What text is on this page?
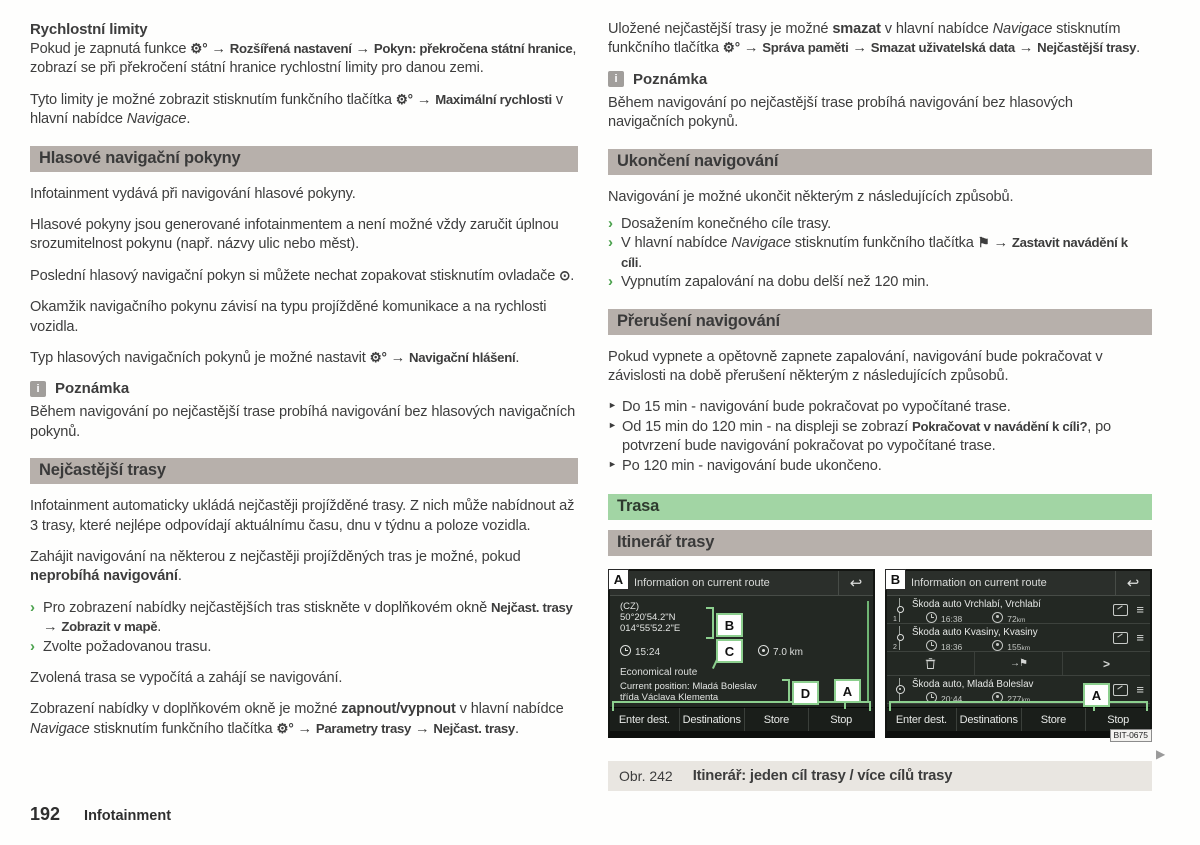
Rychlostní limity

Pokud je zapnutá funkce ⚙° → Rozšířená nastavení → Pokyn: překročena státní hranice, zobrazí se při překročení státní hranice rychlostní limity pro danou zemi.

Tyto limity je možné zobrazit stisknutím funkčního tlačítka ⚙° → Maximální rychlosti v hlavní nabídce Navigace.

Hlasové navigační pokyny

Infotainment vydává při navigování hlasové pokyny.

Hlasové pokyny jsou generované infotainmentem a není možné vždy zaručit úplnou srozumitelnost pokynu (např. názvy ulic nebo měst).

Poslední hlasový navigační pokyn si můžete nechat zopakovat stisknutím ovladače ⊙.

Okamžik navigačního pokynu závisí na typu projížděné komunikace a na rychlosti vozidla.

Typ hlasových navigačních pokynů je možné nastavit ⚙° → Navigační hlášení.

i	Poznámka
Během navigování po nejčastější trase probíhá navigování bez hlasových navigačních pokynů.
Nejčastější trasy

Infotainment automaticky ukládá nejčastěji projížděné trasy. Z nich může nabídnout až 3 trasy, které nejlépe odpovídají aktuálnímu času, dnu v týdnu a poloze vozidla.

Zahájit navigování na některou z nejčastěji projížděných tras je možné, pokud neprobíhá navigování.

› Pro zobrazení nabídky nejčastějších tras stiskněte v doplňkovém okně Nejčast. trasy → Zobrazit v mapě.
› Zvolte požadovanou trasu.

Zvolená trasa se vypočítá a zahájí se navigování.

Zobrazení nabídky v doplňkovém okně je možné zapnout/vypnout v hlavní nabídce Navigace stisknutím funkčního tlačítka ⚙° → Parametry trasy → Nejčast. trasy.

Uložené nejčastější trasy je možné smazat v hlavní nabídce Navigace stisknutím funkčního tlačítka ⚙° → Správa paměti → Smazat uživatelská data → Nejčastější trasy.

i	Poznámka
Během navigování po nejčastější trase probíhá navigování bez hlasových navigačních pokynů.
Ukončení navigování

Navigování je možné ukončit některým z následujících způsobů.

› Dosažením konečného cíle trasy.
› V hlavní nabídce Navigace stisknutím funkčního tlačítka ⚑ → Zastavit navádění k cíli.
› Vypnutím zapalování na dobu delší než 120 min.
Přerušení navigování

Pokud vypnete a opětovně zapnete zapalování, navigování bude pokračovat v závislosti na době přerušení některým z následujících způsobů.

► Do 15 min - navigování bude pokračovat po vypočítané trase.
► Od 15 min do 120 min - na displeji se zobrazí Pokračovat v navádění k cíli?, po potvrzení bude navigování pokračovat po vypočítané trase.
► Po 120 min - navigování bude ukončeno.
Trasa
Itinerář trasy
A Information on current route	↩
(CZ)
50°20'54.2"N
014°55'52.2"E	B
15:24	C	7.0 km
Economical route
Current position: Mladá Boleslav
třída Václava Klementa	D	A
Enter dest.	Destinations	Store	Stop
B Information on current route	↩
1
Škoda auto Vrchlabí, Vrchlabí
16:38	72km
≡
2
Škoda auto Kvasiny, Kvasiny
18:36	155km
≡
→⚑	>
Škoda auto, Mladá Boleslav
20:44	277km
≡
A
Enter dest.	Destinations	Store	Stop
BIT-0675
Obr. 242 Itinerář: jeden cíl trasy / více cílů trasy
▶
192 Infotainment
